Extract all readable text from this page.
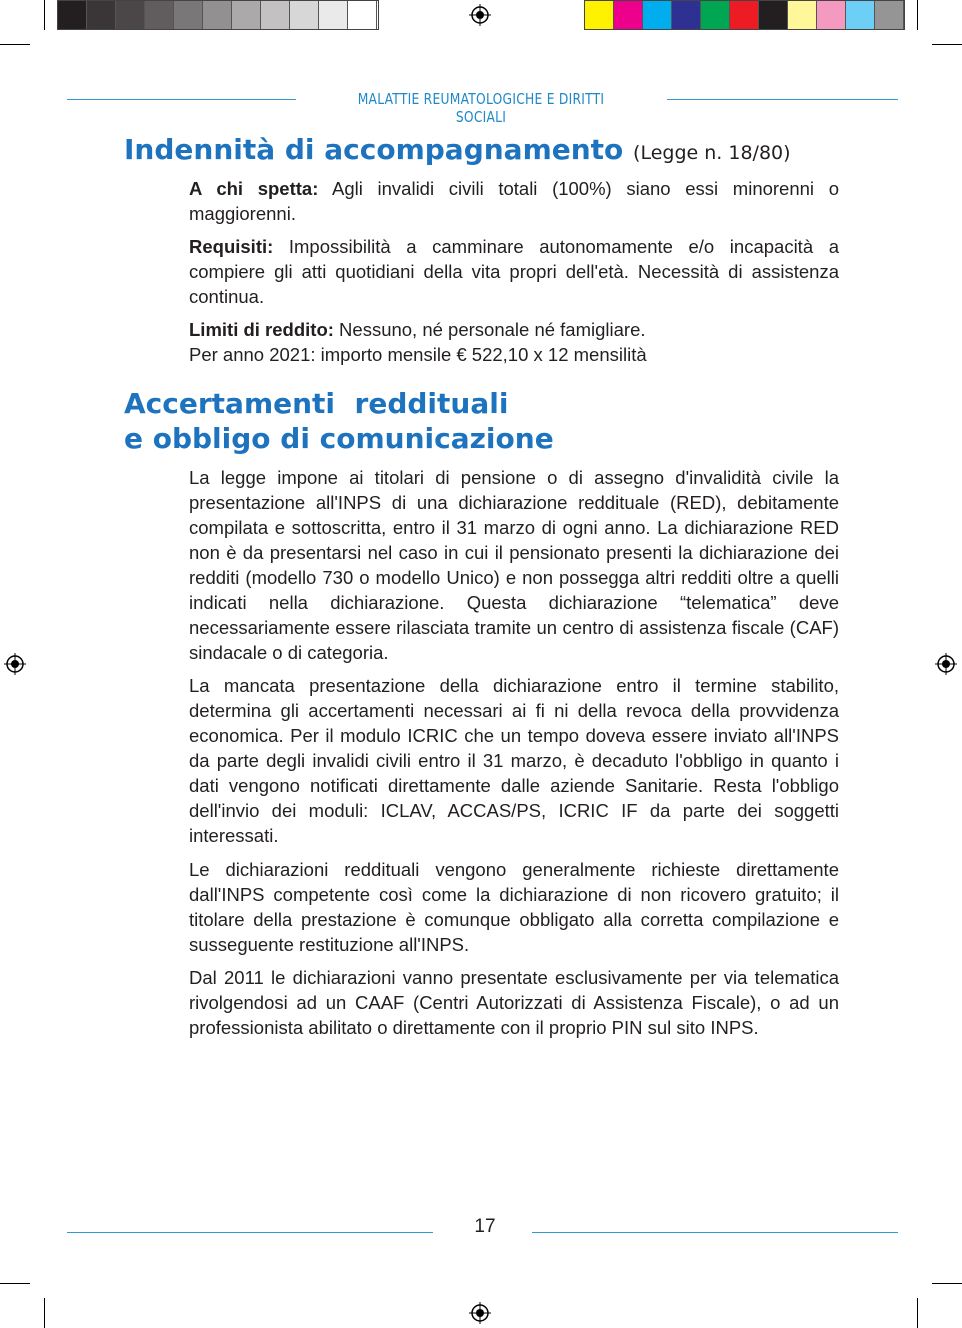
MALATTIE REUMATOLOGICHE E DIRITTI SOCIALI
Indennità di accompagnamento (Legge n. 18/80)
A chi spetta: Agli invalidi civili totali (100%) siano essi minorenni o maggiorenni.
Requisiti: Impossibilità a camminare autonomamente e/o incapacità a compiere gli atti quotidiani della vita propri dell'età. Necessità di assistenza continua.
Limiti di reddito: Nessuno, né personale né famigliare.
Per anno 2021: importo mensile € 522,10 x 12 mensilità
Accertamenti  reddituali
e obbligo di comunicazione
La legge impone ai titolari di pensione o di assegno d'invalidità civile la presentazione all'INPS di una dichiarazione reddituale (RED), debitamente compilata e sottoscritta, entro il 31 marzo di ogni anno. La dichiarazione RED non è da presentarsi nel caso in cui il pensionato presenti la dichiarazione dei redditi (modello 730 o modello Unico) e non possegga altri redditi oltre a quelli indicati nella dichiarazione. Questa dichiarazione “telematica” deve necessariamente essere rilasciata tramite un centro di assistenza fiscale (CAF) sindacale o di categoria.
La mancata presentazione della dichiarazione entro il termine stabilito, determina gli accertamenti necessari ai fi ni della revoca della provvidenza economica. Per il modulo ICRIC che un tempo doveva essere inviato all'INPS da parte degli invalidi civili entro il 31 marzo, è decaduto l'obbligo in quanto i dati vengono notificati direttamente dalle aziende Sanitarie. Resta l'obbligo dell'invio dei moduli: ICLAV, ACCAS/PS, ICRIC IF da parte dei soggetti interessati.
Le dichiarazioni reddituali vengono generalmente richieste direttamente dall'INPS competente così come la dichiarazione di non ricovero gratuito; il titolare della prestazione è comunque obbligato alla corretta compilazione e susseguente restituzione all'INPS.
Dal 2011 le dichiarazioni vanno presentate esclusivamente per via telematica rivolgendosi ad un CAAF (Centri Autorizzati di Assistenza Fiscale), o ad un professionista abilitato o direttamente con il proprio PIN sul sito INPS.
17
